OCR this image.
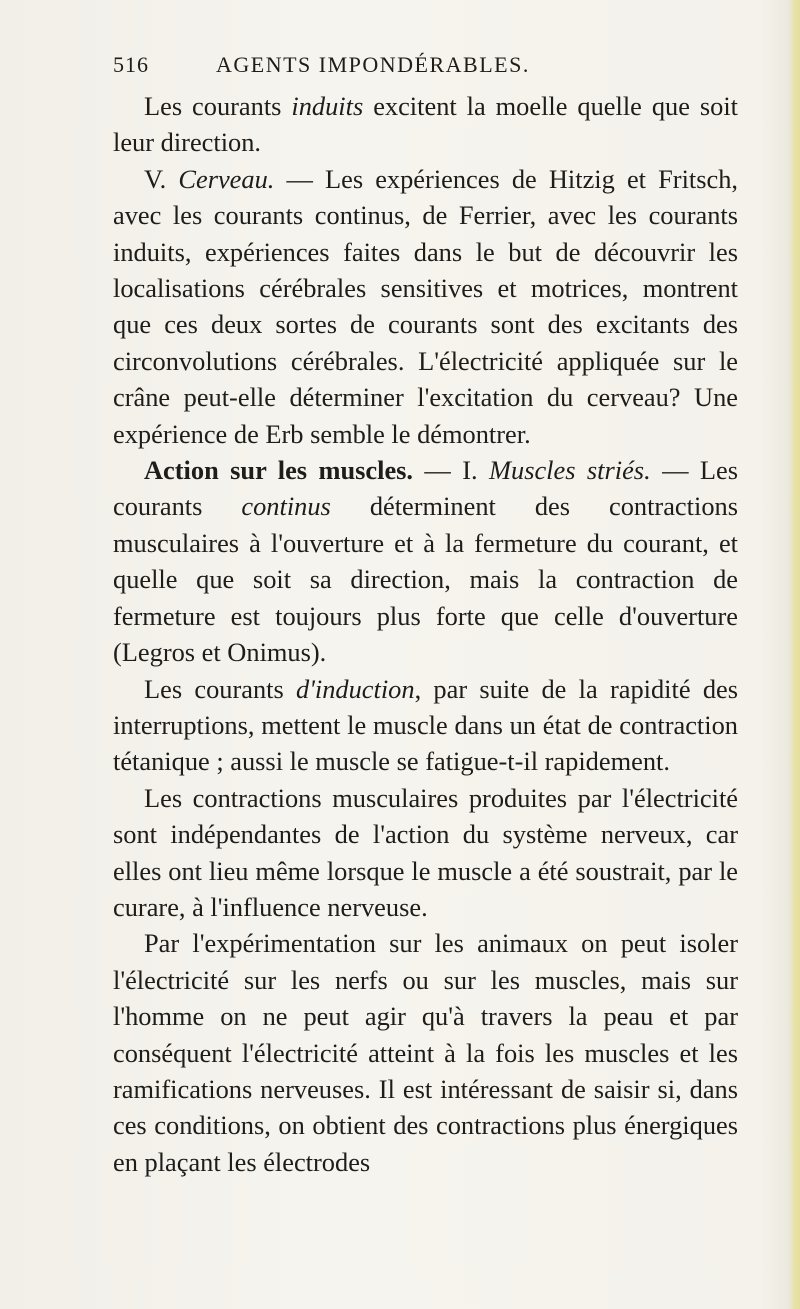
516	AGENTS IMPONDÉRABLES.

Les courants induits excitent la moelle quelle que soit leur direction.

V. Cerveau. — Les expériences de Hitzig et Fritsch, avec les courants continus, de Ferrier, avec les courants induits, expériences faites dans le but de découvrir les localisations cérébrales sensitives et motrices, montrent que ces deux sortes de courants sont des excitants des circonvolutions cérébrales. L'électricité appliquée sur le crâne peut-elle déterminer l'excitation du cerveau? Une expérience de Erb semble le démontrer.

Action sur les muscles. — I. Muscles striés. — Les courants continus déterminent des contractions musculaires à l'ouverture et à la fermeture du courant, et quelle que soit sa direction, mais la contraction de fermeture est toujours plus forte que celle d'ouverture (Legros et Onimus).

Les courants d'induction, par suite de la rapidité des interruptions, mettent le muscle dans un état de contraction tétanique ; aussi le muscle se fatigue-t-il rapidement.

Les contractions musculaires produites par l'électricité sont indépendantes de l'action du système nerveux, car elles ont lieu même lorsque le muscle a été soustrait, par le curare, à l'influence nerveuse.

Par l'expérimentation sur les animaux on peut isoler l'électricité sur les nerfs ou sur les muscles, mais sur l'homme on ne peut agir qu'à travers la peau et par conséquent l'électricité atteint à la fois les muscles et les ramifications nerveuses. Il est intéressant de saisir si, dans ces conditions, on obtient des contractions plus énergiques en plaçant les électrodes
